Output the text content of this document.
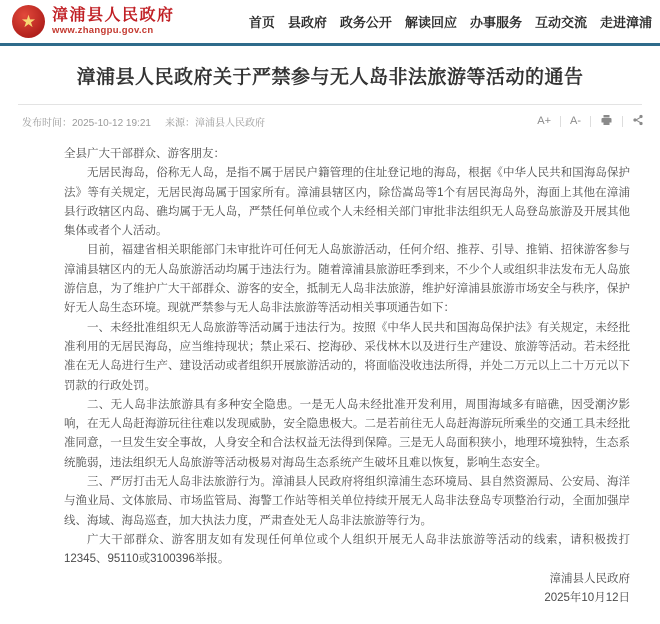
★ 漳浦县人民政府
www.zhangpu.gov.cn
首页 县政府 政务公开 解读回应 办事服务 互动交流 走进漳浦
漳浦县人民政府关于严禁参与无人岛非法旅游等活动的通告
发布时间：2025-10-12 19:21 来源：漳浦县人民政府	A+ A-

全县广大干部群众、游客朋友：

无居民海岛，俗称无人岛，是指不属于居民户籍管理的住址登记地的海岛，根据《中华人民共和国海岛保护法》等有关规定，无居民海岛属于国家所有。漳浦县辖区内，除岱嵩岛等1个有居民海岛外，海面上其他在漳浦县行政辖区内岛、礁均属于无人岛，严禁任何单位或个人未经相关部门审批非法组织无人岛登岛旅游及开展其他集体或者个人活动。

目前，福建省相关职能部门未审批许可任何无人岛旅游活动，任何介绍、推荐、引导、推销、招徕游客参与漳浦县辖区内的无人岛旅游活动均属于违法行为。随着漳浦县旅游旺季到来，不少个人或组织非法发布无人岛旅游信息，为了维护广大干部群众、游客的安全，抵制无人岛非法旅游，维护好漳浦县旅游市场安全与秩序，保护好无人岛生态环境。现就严禁参与无人岛非法旅游等活动相关事项通告如下：

一、未经批准组织无人岛旅游等活动属于违法行为。按照《中华人民共和国海岛保护法》有关规定，未经批准利用的无居民海岛，应当维持现状；禁止采石、挖海砂、采伐林木以及进行生产建设、旅游等活动。若未经批准在无人岛进行生产、建设活动或者组织开展旅游活动的，将面临没收违法所得，并处二万元以上二十万元以下罚款的行政处罚。

二、无人岛非法旅游具有多种安全隐患。一是无人岛未经批准开发利用，周围海域多有暗礁，因受潮汐影响，在无人岛赶海游玩往往难以发现威胁，安全隐患极大。二是若前往无人岛赶海游玩所乘坐的交通工具未经批准同意，一旦发生安全事故，人身安全和合法权益无法得到保障。三是无人岛面积狭小，地理环境独特，生态系统脆弱，违法组织无人岛旅游等活动极易对海岛生态系统产生破坏且难以恢复，影响生态安全。

三、严厉打击无人岛非法旅游行为。漳浦县人民政府将组织漳浦生态环境局、县自然资源局、公安局、海洋与渔业局、文体旅局、市场监管局、海警工作站等相关单位持续开展无人岛非法登岛专项整治行动，全面加强岸线、海域、海岛巡查，加大执法力度，严肃查处无人岛非法旅游等行为。

广大干部群众、游客朋友如有发现任何单位或个人组织开展无人岛非法旅游等活动的线索，请积极拨打12345、95110或3100396举报。

漳浦县人民政府
2025年10月12日
